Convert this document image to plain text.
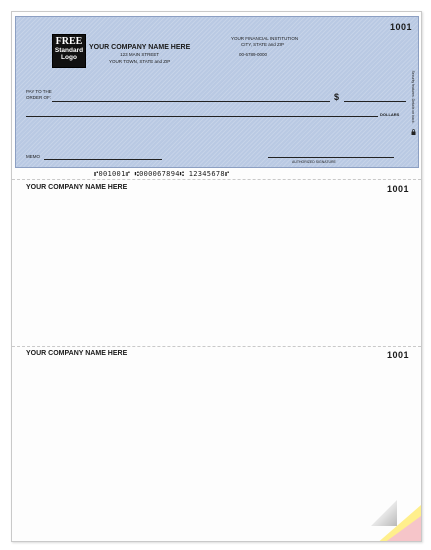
1001
FREE
Standard
Logo
YOUR COMPANY NAME HERE
123 MAIN STREET
YOUR TOWN, STATE and ZIP
YOUR FINANCIAL INSTITUTION
CITY, STATE and ZIP
00-6789-0000
Security features. Details on back.
PAY TO THE
ORDER OF:	$
DOLLARS
MEMO
AUTHORIZED SIGNATURE
⑈001001⑈ ⑆000067894⑆ 12345678⑈
YOUR COMPANY NAME HERE	1001
YOUR COMPANY NAME HERE	1001
